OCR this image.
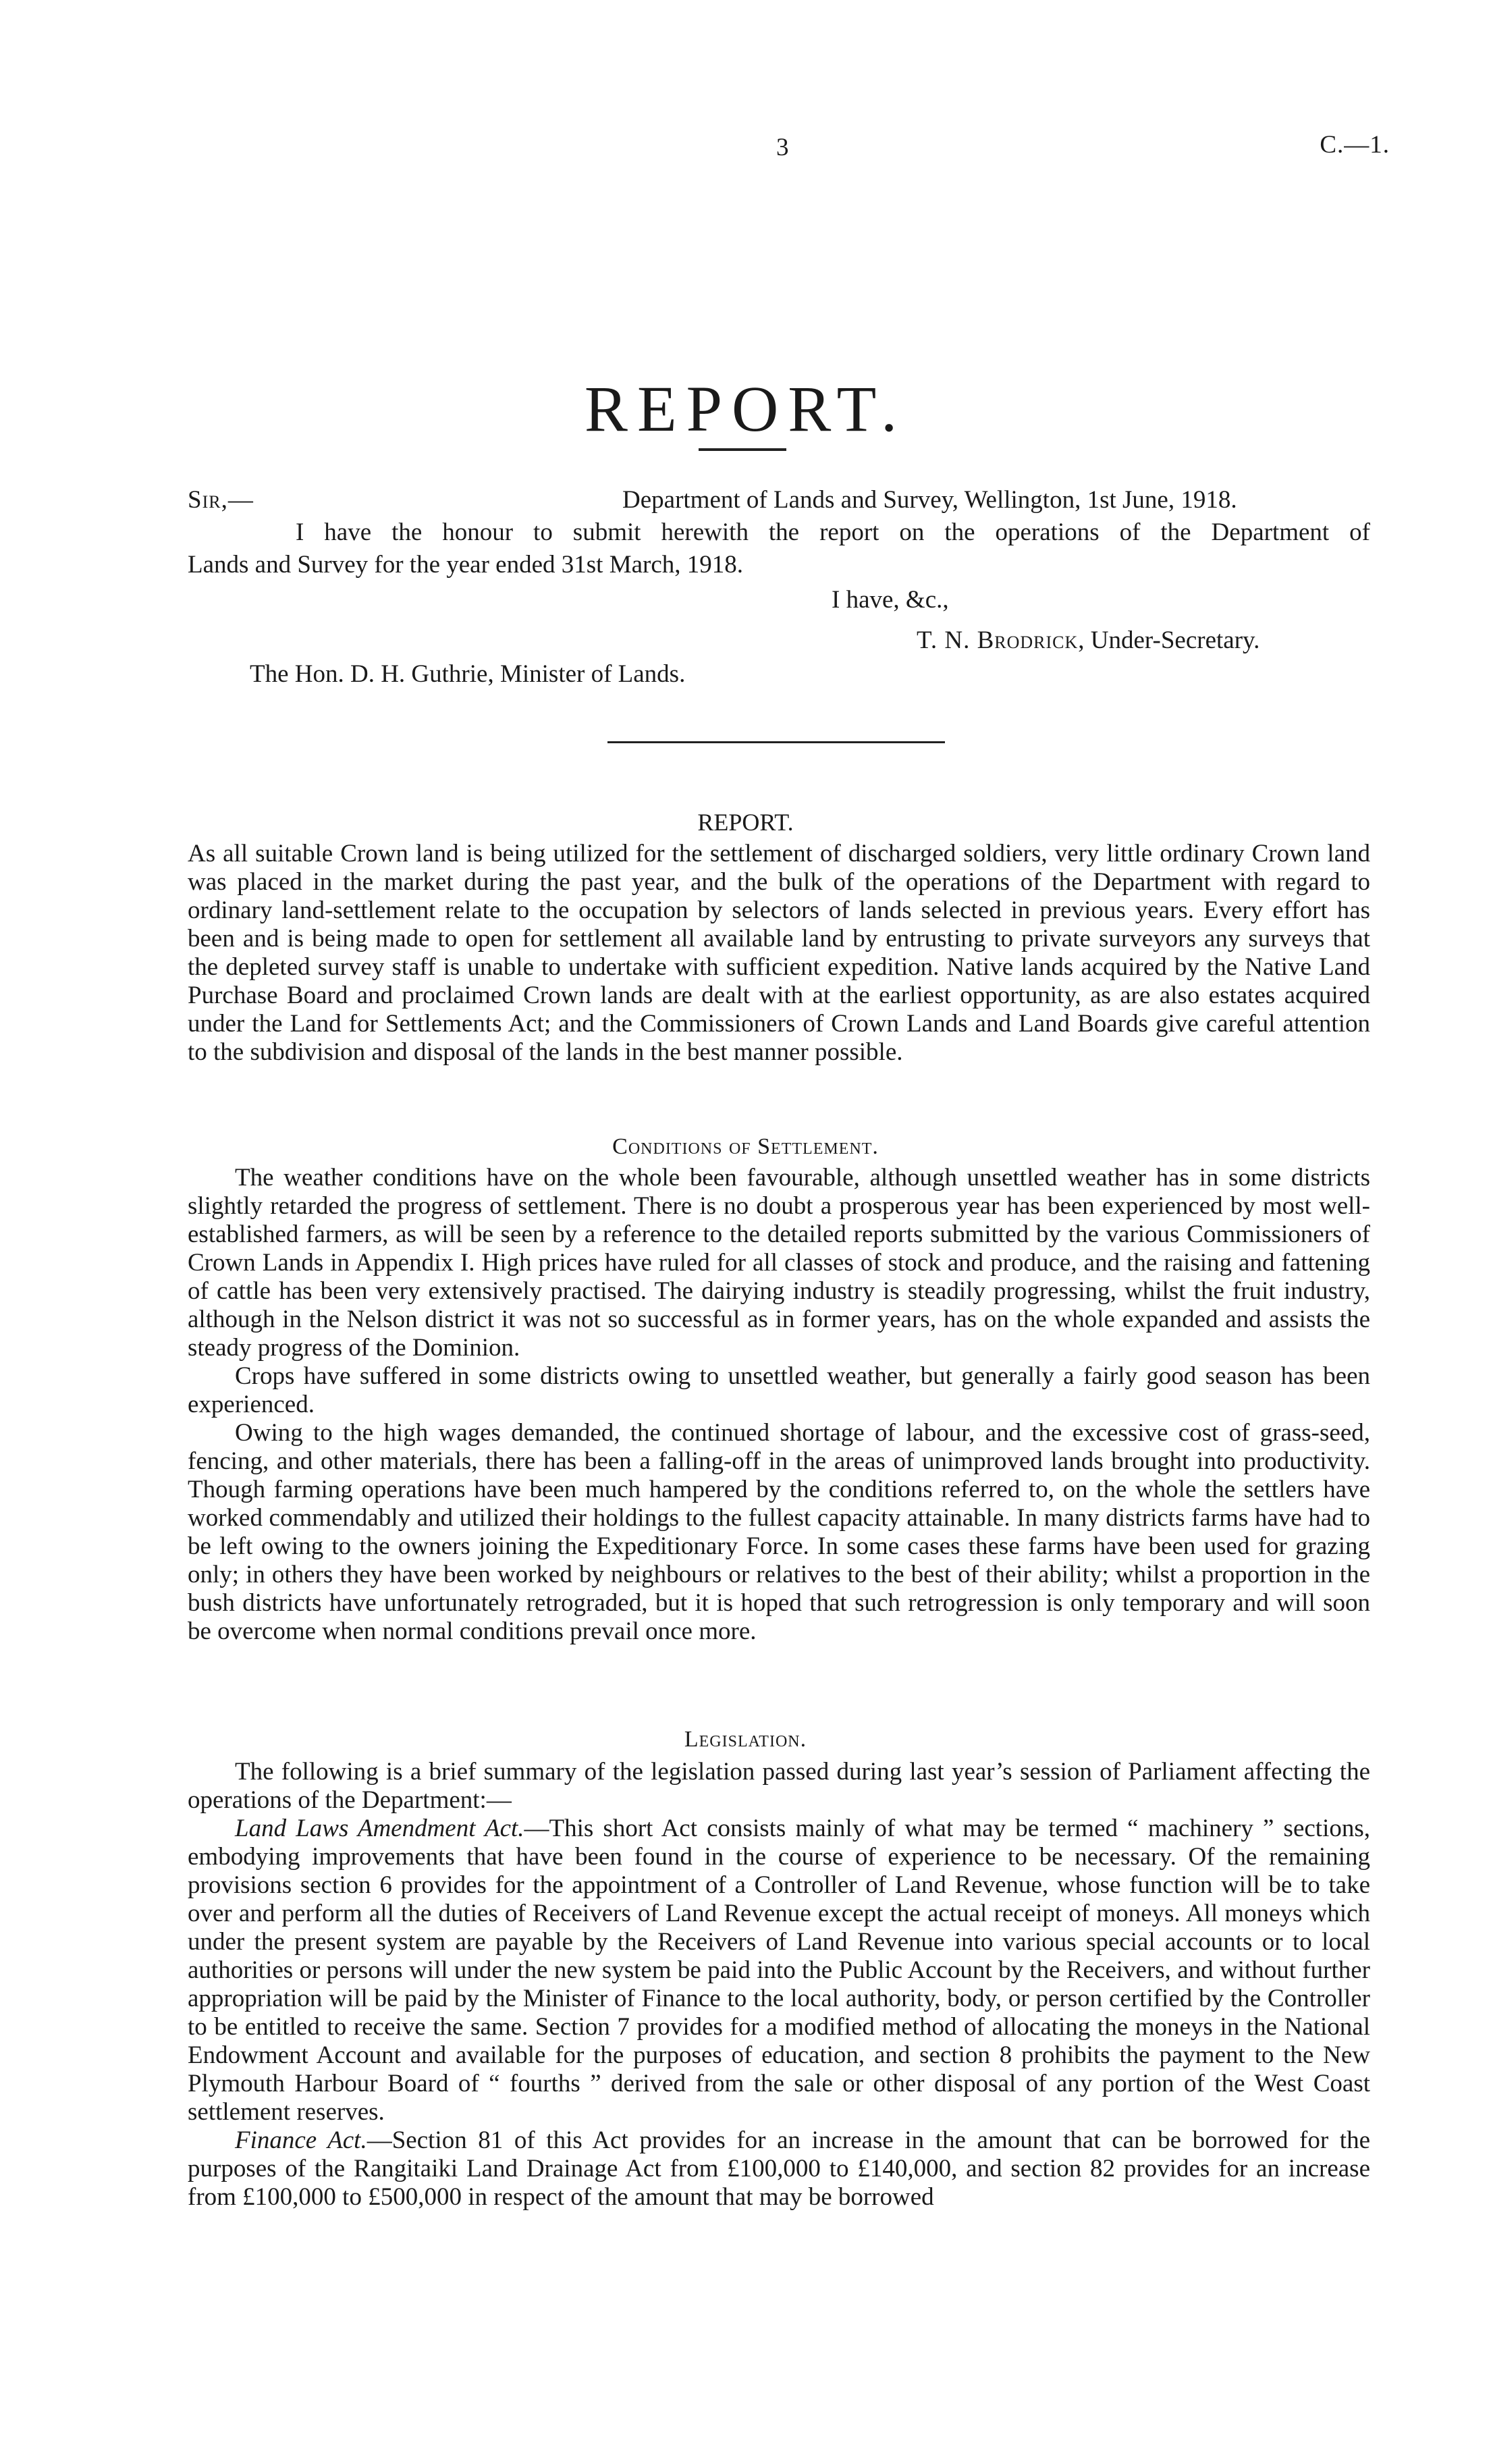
3	C.—1.
REPORT.
Sir,—	Department of Lands and Survey, Wellington, 1st June, 1918.
I have the honour to submit herewith the report on the operations of the Department of
Lands and Survey for the year ended 31st March, 1918.
I have, &c.,
T. N. Brodrick, Under-Secretary.
The Hon. D. H. Guthrie, Minister of Lands.
REPORT.

As all suitable Crown land is being utilized for the settlement of discharged soldiers, very little ordinary Crown land was placed in the market during the past year, and the bulk of the operations of the Department with regard to ordinary land-settlement relate to the occupation by selectors of lands selected in previous years. Every effort has been and is being made to open for settlement all available land by entrusting to private surveyors any surveys that the depleted survey staff is unable to undertake with sufficient expedition. Native lands acquired by the Native Land Purchase Board and proclaimed Crown lands are dealt with at the earliest opportunity, as are also estates acquired under the Land for Settlements Act; and the Commissioners of Crown Lands and Land Boards give careful attention to the subdivision and disposal of the lands in the best manner possible.

Conditions of Settlement.

The weather conditions have on the whole been favourable, although unsettled weather has in some districts slightly retarded the progress of settlement. There is no doubt a prosperous year has been experienced by most well-established farmers, as will be seen by a reference to the detailed reports submitted by the various Commissioners of Crown Lands in Appendix I. High prices have ruled for all classes of stock and produce, and the raising and fattening of cattle has been very extensively practised. The dairying industry is steadily progressing, whilst the fruit industry, although in the Nelson district it was not so successful as in former years, has on the whole expanded and assists the steady progress of the Dominion.

Crops have suffered in some districts owing to unsettled weather, but generally a fairly good season has been experienced.

Owing to the high wages demanded, the continued shortage of labour, and the excessive cost of grass-seed, fencing, and other materials, there has been a falling-off in the areas of unimproved lands brought into productivity. Though farming operations have been much hampered by the conditions referred to, on the whole the settlers have worked commendably and utilized their holdings to the fullest capacity attainable. In many districts farms have had to be left owing to the owners joining the Expeditionary Force. In some cases these farms have been used for grazing only; in others they have been worked by neighbours or relatives to the best of their ability; whilst a proportion in the bush districts have unfortunately retrograded, but it is hoped that such retrogression is only temporary and will soon be overcome when normal conditions prevail once more.

Legislation.

The following is a brief summary of the legislation passed during last year’s session of Parliament affecting the operations of the Department:—

Land Laws Amendment Act.—This short Act consists mainly of what may be termed “ machinery ” sections, embodying improvements that have been found in the course of experience to be necessary. Of the remaining provisions section 6 provides for the appointment of a Controller of Land Revenue, whose function will be to take over and perform all the duties of Receivers of Land Revenue except the actual receipt of moneys. All moneys which under the present system are payable by the Receivers of Land Revenue into various special accounts or to local authorities or persons will under the new system be paid into the Public Account by the Receivers, and without further appropriation will be paid by the Minister of Finance to the local authority, body, or person certified by the Controller to be entitled to receive the same. Section 7 provides for a modified method of allocating the moneys in the National Endowment Account and available for the purposes of education, and section 8 prohibits the payment to the New Plymouth Harbour Board of “ fourths ” derived from the sale or other disposal of any portion of the West Coast settlement reserves.

Finance Act.—Section 81 of this Act provides for an increase in the amount that can be borrowed for the purposes of the Rangitaiki Land Drainage Act from £100,000 to £140,000, and section 82 provides for an increase from £100,000 to £500,000 in respect of the amount that may be borrowed
